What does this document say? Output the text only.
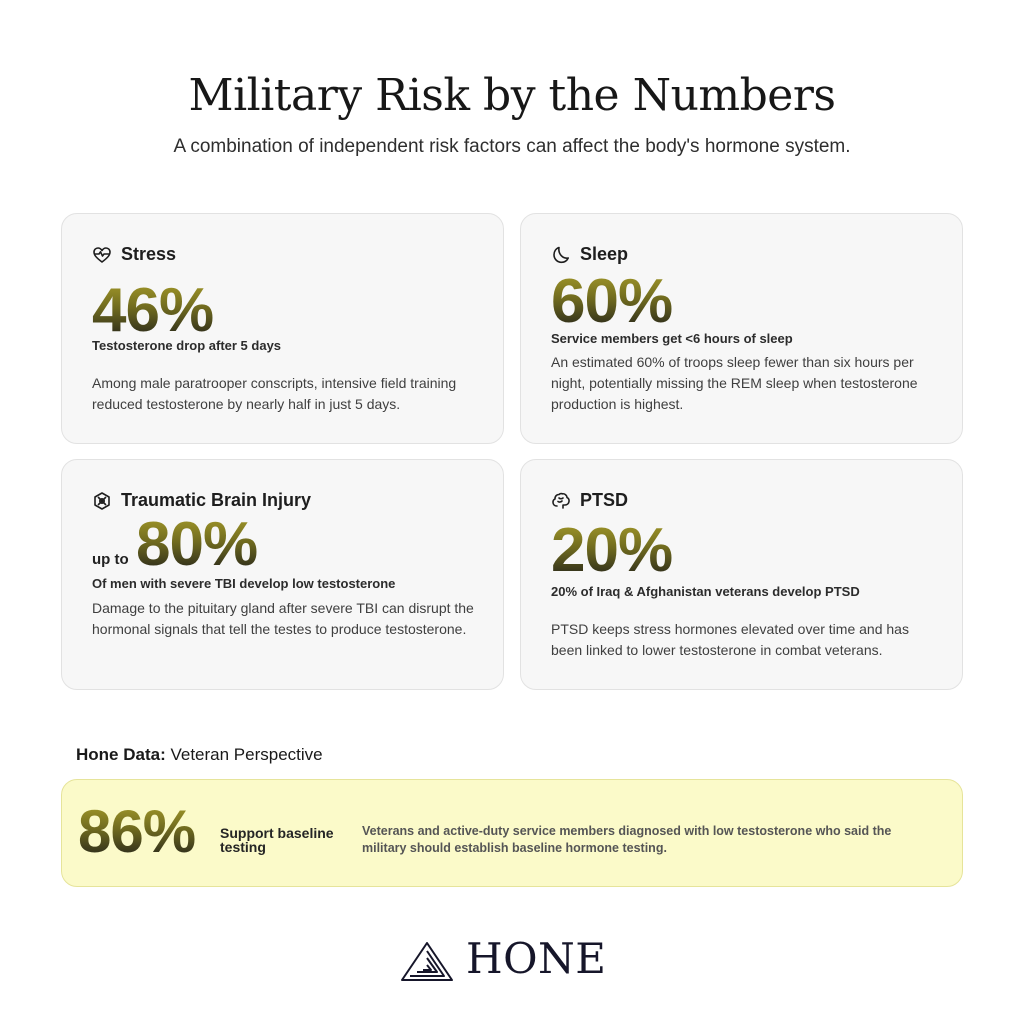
Military Risk by the Numbers
A combination of independent risk factors can affect the body's hormone system.
Stress
46%
Testosterone drop after 5 days
Among male paratrooper conscripts, intensive field training reduced testosterone by nearly half in just 5 days.
Sleep
60%
Service members get <6 hours of sleep
An estimated 60% of troops sleep fewer than six hours per night, potentially missing the REM sleep when testosterone production is highest.
Traumatic Brain Injury
up to 80%
Of men with severe TBI develop low testosterone
Damage to the pituitary gland after severe TBI can disrupt the hormonal signals that tell the testes to produce testosterone.
PTSD
20%
20% of Iraq & Afghanistan veterans develop PTSD
PTSD keeps stress hormones elevated over time and has been linked to lower testosterone in combat veterans.
Hone Data: Veteran Perspective
86% Support baseline testing
Veterans and active-duty service members diagnosed with low testosterone who said the military should establish baseline hormone testing.
HONE
